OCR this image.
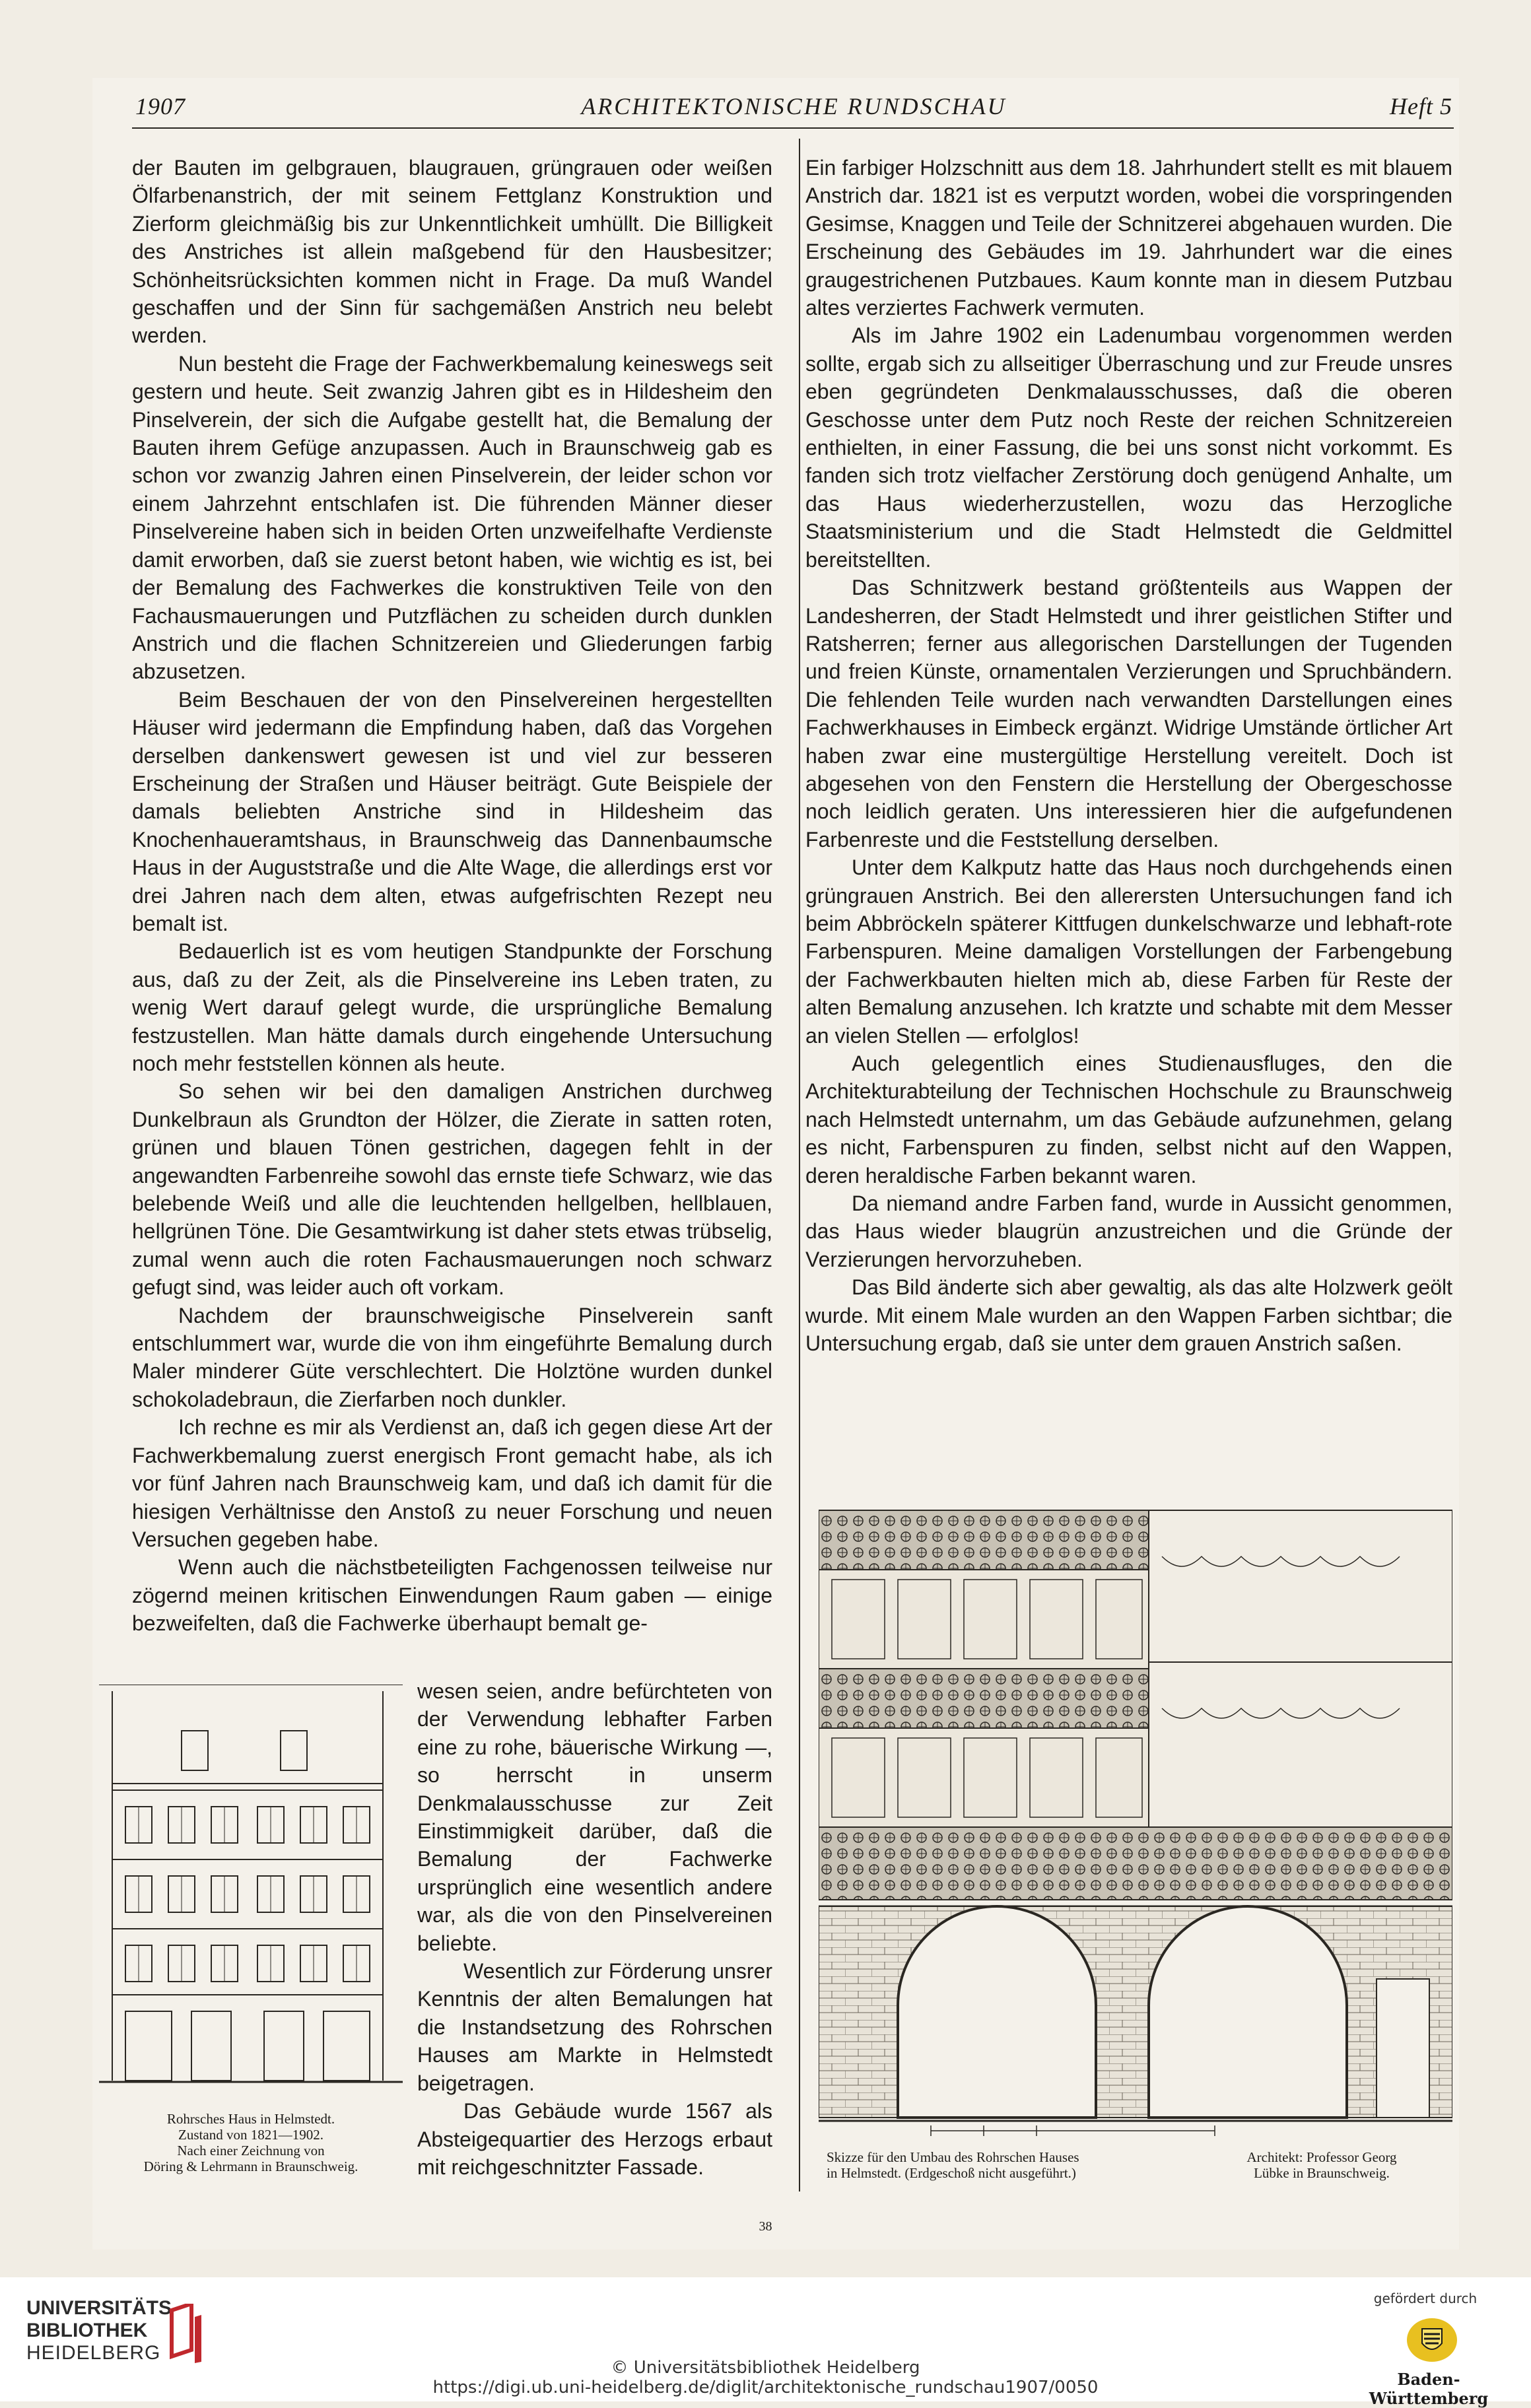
1907	ARCHITEKTONISCHE RUNDSCHAU	Heft 5

der Bauten im gelbgrauen, blaugrauen, grüngrauen oder weißen Ölfarbenanstrich, der mit seinem Fettglanz Konstruktion und Zierform gleichmäßig bis zur Unkenntlichkeit umhüllt. Die Billigkeit des Anstriches ist allein maßgebend für den Hausbesitzer; Schönheitsrücksichten kommen nicht in Frage. Da muß Wandel geschaffen und der Sinn für sachgemäßen Anstrich neu belebt werden.

Nun besteht die Frage der Fachwerkbemalung keineswegs seit gestern und heute. Seit zwanzig Jahren gibt es in Hildesheim den Pinselverein, der sich die Aufgabe gestellt hat, die Bemalung der Bauten ihrem Gefüge anzupassen. Auch in Braunschweig gab es schon vor zwanzig Jahren einen Pinselverein, der leider schon vor einem Jahrzehnt entschlafen ist. Die führenden Männer dieser Pinselvereine haben sich in beiden Orten unzweifelhafte Verdienste damit erworben, daß sie zuerst betont haben, wie wichtig es ist, bei der Bemalung des Fachwerkes die konstruktiven Teile von den Fachausmauerungen und Putzflächen zu scheiden durch dunklen Anstrich und die flachen Schnitzereien und Gliederungen farbig abzusetzen.

Beim Beschauen der von den Pinselvereinen hergestellten Häuser wird jedermann die Empfindung haben, daß das Vorgehen derselben dankenswert gewesen ist und viel zur besseren Erscheinung der Straßen und Häuser beiträgt. Gute Beispiele der damals beliebten Anstriche sind in Hildesheim das Knochenhaueramtshaus, in Braunschweig das Dannenbaumsche Haus in der Auguststraße und die Alte Wage, die allerdings erst vor drei Jahren nach dem alten, etwas aufgefrischten Rezept neu bemalt ist.

Bedauerlich ist es vom heutigen Standpunkte der Forschung aus, daß zu der Zeit, als die Pinselvereine ins Leben traten, zu wenig Wert darauf gelegt wurde, die ursprüngliche Bemalung festzustellen. Man hätte damals durch eingehende Untersuchung noch mehr feststellen können als heute.

So sehen wir bei den damaligen Anstrichen durchweg Dunkelbraun als Grundton der Hölzer, die Zierate in satten roten, grünen und blauen Tönen gestrichen, dagegen fehlt in der angewandten Farbenreihe sowohl das ernste tiefe Schwarz, wie das belebende Weiß und alle die leuchtenden hellgelben, hellblauen, hellgrünen Töne. Die Gesamtwirkung ist daher stets etwas trübselig, zumal wenn auch die roten Fachausmauerungen noch schwarz gefugt sind, was leider auch oft vorkam.

Nachdem der braunschweigische Pinselverein sanft entschlummert war, wurde die von ihm eingeführte Bemalung durch Maler minderer Güte verschlechtert. Die Holztöne wurden dunkel schokoladebraun, die Zierfarben noch dunkler.

Ich rechne es mir als Verdienst an, daß ich gegen diese Art der Fachwerkbemalung zuerst energisch Front gemacht habe, als ich vor fünf Jahren nach Braunschweig kam, und daß ich damit für die hiesigen Verhältnisse den Anstoß zu neuer Forschung und neuen Versuchen gegeben habe.

Wenn auch die nächstbeteiligten Fachgenossen teilweise nur zögernd meinen kritischen Einwendungen Raum gaben — einige bezweifelten, daß die Fachwerke überhaupt bemalt ge-

wesen seien, andre befürchteten von der Verwendung lebhafter Farben eine zu rohe, bäuerische Wirkung —, so herrscht in unserm Denkmalausschusse zur Zeit Einstimmigkeit darüber, daß die Bemalung der Fachwerke ursprünglich eine wesentlich andere war, als die von den Pinselvereinen beliebte.

Wesentlich zur Förderung unsrer Kenntnis der alten Bemalungen hat die Instandsetzung des Rohrschen Hauses am Markte in Helmstedt beigetragen.

Das Gebäude wurde 1567 als Absteigequartier des Herzogs erbaut mit reichgeschnitzter Fassade.

Ein farbiger Holzschnitt aus dem 18. Jahrhundert stellt es mit blauem Anstrich dar. 1821 ist es verputzt worden, wobei die vorspringenden Gesimse, Knaggen und Teile der Schnitzerei abgehauen wurden. Die Erscheinung des Gebäudes im 19. Jahrhundert war die eines graugestrichenen Putzbaues. Kaum konnte man in diesem Putzbau altes verziertes Fachwerk vermuten.

Als im Jahre 1902 ein Ladenumbau vorgenommen werden sollte, ergab sich zu allseitiger Überraschung und zur Freude unsres eben gegründeten Denkmalausschusses, daß die oberen Geschosse unter dem Putz noch Reste der reichen Schnitzereien enthielten, in einer Fassung, die bei uns sonst nicht vorkommt. Es fanden sich trotz vielfacher Zerstörung doch genügend Anhalte, um das Haus wiederherzustellen, wozu das Herzogliche Staatsministerium und die Stadt Helmstedt die Geldmittel bereitstellten.

Das Schnitzwerk bestand größtenteils aus Wappen der Landesherren, der Stadt Helmstedt und ihrer geistlichen Stifter und Ratsherren; ferner aus allegorischen Darstellungen der Tugenden und freien Künste, ornamentalen Verzierungen und Spruchbändern. Die fehlenden Teile wurden nach verwandten Darstellungen eines Fachwerkhauses in Eimbeck ergänzt. Widrige Umstände örtlicher Art haben zwar eine mustergültige Herstellung vereitelt. Doch ist abgesehen von den Fenstern die Herstellung der Obergeschosse noch leidlich geraten. Uns interessieren hier die aufgefundenen Farbenreste und die Feststellung derselben.

Unter dem Kalkputz hatte das Haus noch durchgehends einen grüngrauen Anstrich. Bei den allerersten Untersuchungen fand ich beim Abbröckeln späterer Kittfugen dunkelschwarze und lebhaft-rote Farbenspuren. Meine damaligen Vorstellungen der Farbengebung der Fachwerkbauten hielten mich ab, diese Farben für Reste der alten Bemalung anzusehen. Ich kratzte und schabte mit dem Messer an vielen Stellen — erfolglos!

Auch gelegentlich eines Studienausfluges, den die Architekturabteilung der Technischen Hochschule zu Braunschweig nach Helmstedt unternahm, um das Gebäude aufzunehmen, gelang es nicht, Farbenspuren zu finden, selbst nicht auf den Wappen, deren heraldische Farben bekannt waren.

Da niemand andre Farben fand, wurde in Aussicht genommen, das Haus wieder blaugrün anzustreichen und die Gründe der Verzierungen hervorzuheben.

Das Bild änderte sich aber gewaltig, als das alte Holzwerk geölt wurde. Mit einem Male wurden an den Wappen Farben sichtbar; die Untersuchung ergab, daß sie unter dem grauen Anstrich saßen.

Rohrsches Haus in Helmstedt.
Zustand von 1821—1902.
Nach einer Zeichnung von
Döring & Lehrmann in Braunschweig.
Skizze für den Umbau des Rohrschen Hauses
in Helmstedt. (Erdgeschoß nicht ausgeführt.)
Architekt: Professor Georg
Lübke in Braunschweig.
38
UNIVERSITÄTS-
BIBLIOTHEK
HEIDELBERG
© Universitätsbibliothek Heidelberg
https://digi.ub.uni-heidelberg.de/diglit/architektonische_rundschau1907/0050
gefördert durch
Baden-Württemberg
